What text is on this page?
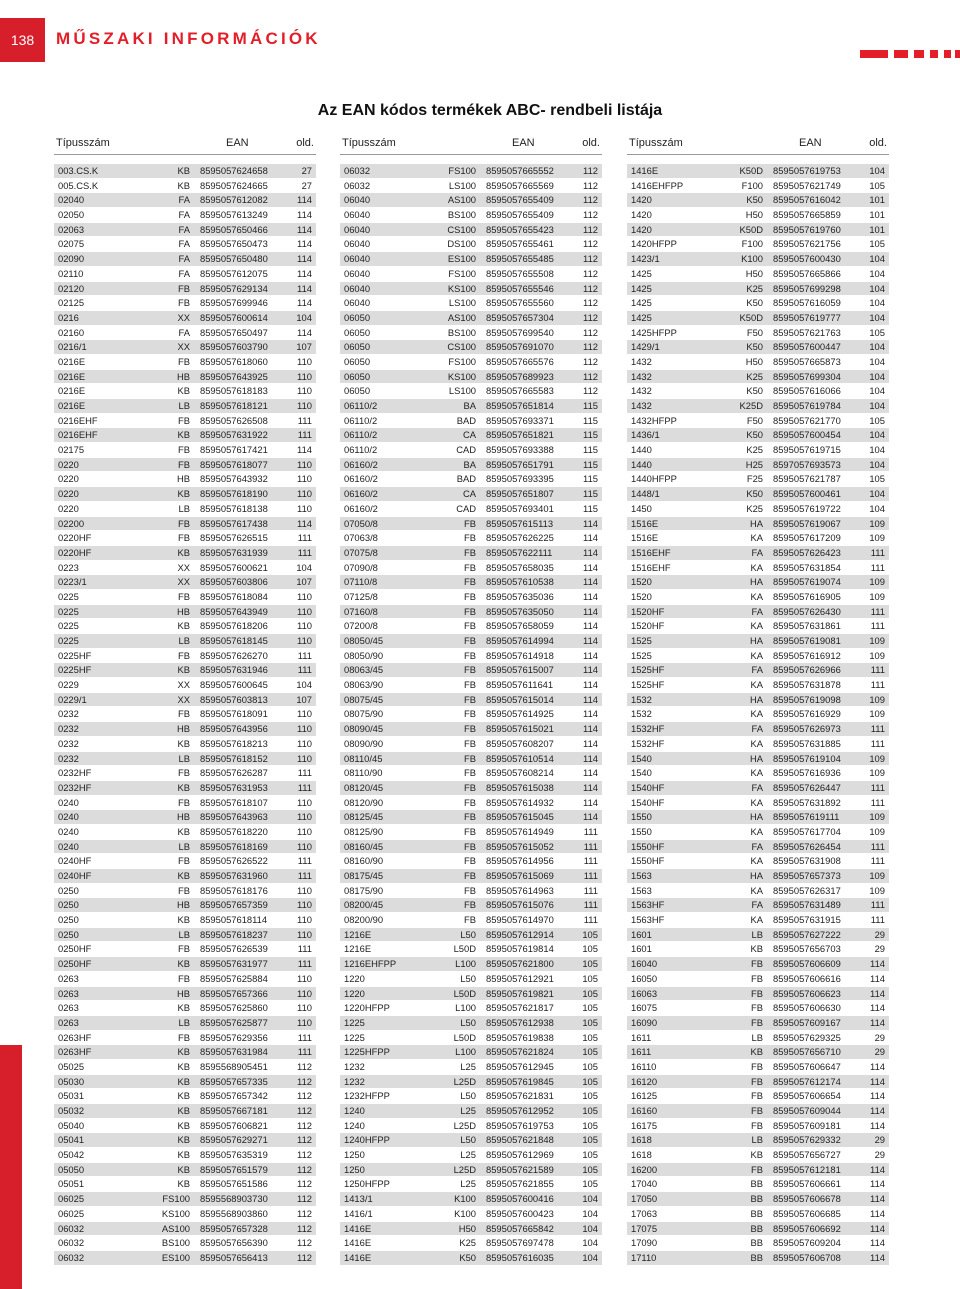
138	MŰSZAKI INFORMÁCIÓK
Az EAN kódos termékek ABC- rendbeli listája
Típusszám	EAN	old.
003.CS.K	KB 8595057624658	27
005.CS.K	KB 8595057624665	27
02040	FA 8595057612082	114
02050	FA 8595057613249	114
02063	FA 8595057650466	114
02075	FA 8595057650473	114
02090	FA 8595057650480	114
02110	FA 8595057612075	114
02120	FB 8595057629134	114
02125	FB 8595057699946	114
0216	XX 8595057600614	104
02160	FA 8595057650497	114
0216/1	XX 8595057603790	107
0216E	FB 8595057618060	110
0216E	HB 8595057643925	110
0216E	KB 8595057618183	110
0216E	LB 8595057618121	110
0216EHF	FB 8595057626508	111
0216EHF	KB 8595057631922	111
02175	FB 8595057617421	114
0220	FB 8595057618077	110
0220	HB 8595057643932	110
0220	KB 8595057618190	110
0220	LB 8595057618138	110
02200	FB 8595057617438	114
0220HF	FB 8595057626515	111
0220HF	KB 8595057631939	111
0223	XX 8595057600621	104
0223/1	XX 8595057603806	107
0225	FB 8595057618084	110
0225	HB 8595057643949	110
0225	KB 8595057618206	110
0225	LB 8595057618145	110
0225HF	FB 8595057626270	111
0225HF	KB 8595057631946	111
0229	XX 8595057600645	104
0229/1	XX 8595057603813	107
0232	FB 8595057618091	110
0232	HB 8595057643956	110
0232	KB 8595057618213	110
0232	LB 8595057618152	110
0232HF	FB 8595057626287	111
0232HF	KB 8595057631953	111
0240	FB 8595057618107	110
0240	HB 8595057643963	110
0240	KB 8595057618220	110
0240	LB 8595057618169	110
0240HF	FB 8595057626522	111
0240HF	KB 8595057631960	111
0250	FB 8595057618176	110
0250	HB 8595057657359	110
0250	KB 8595057618114	110
0250	LB 8595057618237	110
0250HF	FB 8595057626539	111
0250HF	KB 8595057631977	111
0263	FB 8595057625884	110
0263	HB 8595057657366	110
0263	KB 8595057625860	110
0263	LB 8595057625877	110
0263HF	FB 8595057629356	111
0263HF	KB 8595057631984	111
05025	KB 8595568905451	112
05030	KB 8595057657335	112
05031	KB 8595057657342	112
05032	KB 8595057667181	112
05040	KB 8595057606821	112
05041	KB 8595057629271	112
05042	KB 8595057635319	112
05050	KB 8595057651579	112
05051	KB 8595057651586	112
06025	FS100 8595568903730	112
06025	KS100 8595568903860	112
06032	AS100 8595057657328	112
06032	BS100 8595057656390	112
06032	ES100 8595057656413	112
Típusszám	EAN	old.
06032	FS100 8595057665552	112
06032	LS100 8595057665569	112
06040	AS100 8595057655409	112
06040	BS100 8595057655409	112
06040	CS100 8595057655423	112
06040	DS100 8595057655461	112
06040	ES100 8595057655485	112
06040	FS100 8595057655508	112
06040	KS100 8595057655546	112
06040	LS100 8595057655560	112
06050	AS100 8595057657304	112
06050	BS100 8595057699540	112
06050	CS100 8595057691070	112
06050	FS100 8595057665576	112
06050	KS100 8595057689923	112
06050	LS100 8595057665583	112
06110/2	BA 8595057651814	115
06110/2	BAD 8595057693371	115
06110/2	CA 8595057651821	115
06110/2	CAD 8595057693388	115
06160/2	BA 8595057651791	115
06160/2	BAD 8595057693395	115
06160/2	CA 8595057651807	115
06160/2	CAD 8595057693401	115
07050/8	FB 8595057615113	114
07063/8	FB 8595057626225	114
07075/8	FB 8595057622111	114
07090/8	FB 8595057658035	114
07110/8	FB 8595057610538	114
07125/8	FB 8595057635036	114
07160/8	FB 8595057635050	114
07200/8	FB 8595057658059	114
08050/45	FB 8595057614994	114
08050/90	FB 8595057614918	114
08063/45	FB 8595057615007	114
08063/90	FB 8595057611641	114
08075/45	FB 8595057615014	114
08075/90	FB 8595057614925	114
08090/45	FB 8595057615021	114
08090/90	FB 8595057608207	114
08110/45	FB 8595057610514	114
08110/90	FB 8595057608214	114
08120/45	FB 8595057615038	114
08120/90	FB 8595057614932	114
08125/45	FB 8595057615045	114
08125/90	FB 8595057614949	111
08160/45	FB 8595057615052	111
08160/90	FB 8595057614956	111
08175/45	FB 8595057615069	111
08175/90	FB 8595057614963	111
08200/45	FB 8595057615076	111
08200/90	FB 8595057614970	111
1216E	L50 8595057612914	105
1216E	L50D 8595057619814	105
1216EHFPP	L100 8595057621800	105
1220	L50 8595057612921	105
1220	L50D 8595057619821	105
1220HFPP	L100 8595057621817	105
1225	L50 8595057612938	105
1225	L50D 8595057619838	105
1225HFPP	L100 8595057621824	105
1232	L25 8595057612945	105
1232	L25D 8595057619845	105
1232HFPP	L50 8595057621831	105
1240	L25 8595057612952	105
1240	L25D 8595057619753	105
1240HFPP	L50 8595057621848	105
1250	L25 8595057612969	105
1250	L25D 8595057621589	105
1250HFPP	L25 8595057621855	105
1413/1	K100 8595057600416	104
1416/1	K100 8595057600423	104
1416E	H50 8595057665842	104
1416E	K25 8595057697478	104
1416E	K50 8595057616035	104
Típusszám	EAN	old.
1416E	K50D 8595057619753	104
1416EHFPP	F100 8595057621749	105
1420	K50 8595057616042	101
1420	H50 8595057665859	101
1420	K50D 8595057619760	101
1420HFPP	F100 8595057621756	105
1423/1	K100 8595057600430	104
1425	H50 8595057665866	104
1425	K25 8595057699298	104
1425	K50 8595057616059	104
1425	K50D 8595057619777	104
1425HFPP	F50 8595057621763	105
1429/1	K50 8595057600447	104
1432	H50 8595057665873	104
1432	K25 8595057699304	104
1432	K50 8595057616066	104
1432	K25D 8595057619784	104
1432HFPP	F50 8595057621770	105
1436/1	K50 8595057600454	104
1440	K25 8595057619715	104
1440	H25 8597057693573	104
1440HFPP	F25 8595057621787	105
1448/1	K50 8595057600461	104
1450	K25 8595057619722	104
1516E	HA 8595057619067	109
1516E	KA 8595057617209	109
1516EHF	FA 8595057626423	111
1516EHF	KA 8595057631854	111
1520	HA 8595057619074	109
1520	KA 8595057616905	109
1520HF	FA 8595057626430	111
1520HF	KA 8595057631861	111
1525	HA 8595057619081	109
1525	KA 8595057616912	109
1525HF	FA 8595057626966	111
1525HF	KA 8595057631878	111
1532	HA 8595057619098	109
1532	KA 8595057616929	109
1532HF	FA 8595057626973	111
1532HF	KA 8595057631885	111
1540	HA 8595057619104	109
1540	KA 8595057616936	109
1540HF	FA 8595057626447	111
1540HF	KA 8595057631892	111
1550	HA 8595057619111	109
1550	KA 8595057617704	109
1550HF	FA 8595057626454	111
1550HF	KA 8595057631908	111
1563	HA 8595057657373	109
1563	KA 8595057626317	109
1563HF	FA 8595057631489	111
1563HF	KA 8595057631915	111
1601	LB 8595057627222	29
1601	KB 8595057656703	29
16040	FB 8595057606609	114
16050	FB 8595057606616	114
16063	FB 8595057606623	114
16075	FB 8595057606630	114
16090	FB 8595057609167	114
1611	LB 8595057629325	29
1611	KB 8595057656710	29
16110	FB 8595057606647	114
16120	FB 8595057612174	114
16125	FB 8595057606654	114
16160	FB 8595057609044	114
16175	FB 8595057609181	114
1618	LB 8595057629332	29
1618	KB 8595057656727	29
16200	FB 8595057612181	114
17040	BB 8595057606661	114
17050	BB 8595057606678	114
17063	BB 8595057606685	114
17075	BB 8595057606692	114
17090	BB 8595057609204	114
17110	BB 8595057606708	114
